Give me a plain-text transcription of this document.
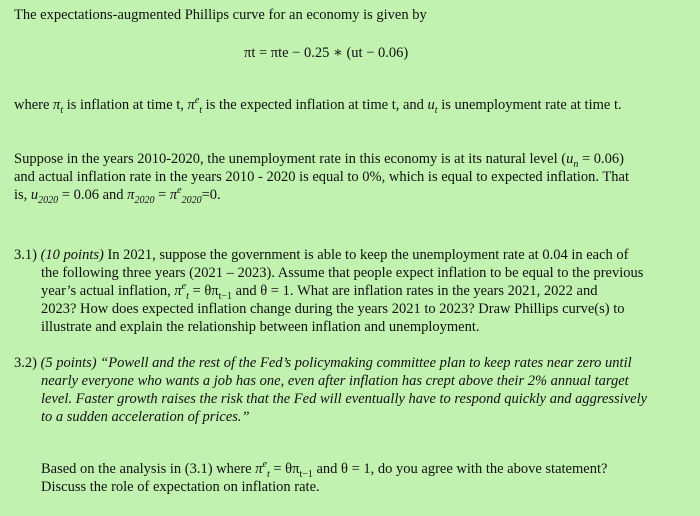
The expectations-augmented Phillips curve for an economy is given by
πt = πte − 0.25 ∗ (ut − 0.06)
where $\pi_t$ is inflation at time t, $\pi^e_t$ is the expected inflation at time t, and $u_t$ is unemployment rate at time t.
Suppose in the years 2010-2020, the unemployment rate in this economy is at its natural level $(u_n = 0.06)$
and actual inflation rate in the years 2010 - 2020 is equal to 0%, which is equal to expected inflation. That
is, $u_{2020} = 0.06$ and $\pi_{2020} = \pi^e_{2020}=0$.
3.1) (10 points) In 2021, suppose the government is able to keep the unemployment rate at 0.04 in each of
the following three years (2021 – 2023). Assume that people expect inflation to be equal to the previous
year’s actual inflation, $\pi^e_t = \theta\pi_{t-1}$ and θ = 1. What are inflation rates in the years 2021, 2022 and
2023? How does expected inflation change during the years 2021 to 2023? Draw Phillips curve(s) to
illustrate and explain the relationship between inflation and unemployment.
3.2) (5 points) “Powell and the rest of the Fed’s policymaking committee plan to keep rates near zero until
nearly everyone who wants a job has one, even after inflation has crept above their 2% annual target
level. Faster growth raises the risk that the Fed will eventually have to respond quickly and aggressively
to a sudden acceleration of prices.”
Based on the analysis in (3.1) where $\pi^e_t = \theta\pi_{t-1}$ and θ = 1, do you agree with the above statement?
Discuss the role of expectation on inflation rate.
